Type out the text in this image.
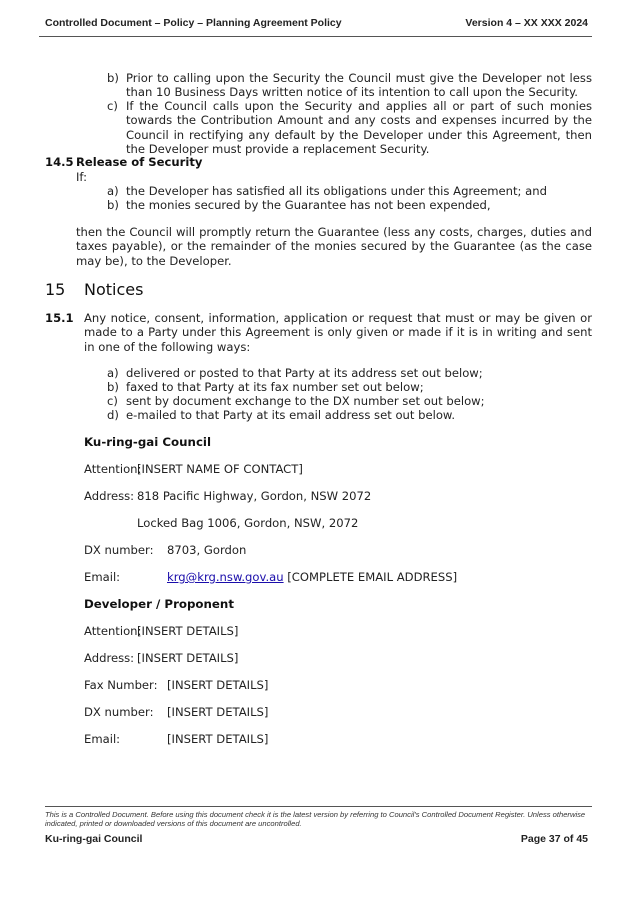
Controlled Document – Policy – Planning Agreement Policy	Version 4 – XX XXX 2024
b) Prior to calling upon the Security the Council must give the Developer not less than 10 Business Days written notice of its intention to call upon the Security.
c) If the Council calls upon the Security and applies all or part of such monies towards the Contribution Amount and any costs and expenses incurred by the Council in rectifying any default by the Developer under this Agreement, then the Developer must provide a replacement Security.
14.5 Release of Security
If:
a) the Developer has satisfied all its obligations under this Agreement; and
b) the monies secured by the Guarantee has not been expended,
then the Council will promptly return the Guarantee (less any costs, charges, duties and taxes payable), or the remainder of the monies secured by the Guarantee (as the case may be), to the Developer.
15 Notices
15.1 Any notice, consent, information, application or request that must or may be given or made to a Party under this Agreement is only given or made if it is in writing and sent in one of the following ways:
a) delivered or posted to that Party at its address set out below;
b) faxed to that Party at its fax number set out below;
c) sent by document exchange to the DX number set out below;
d) e-mailed to that Party at its email address set out below.
Ku-ring-gai Council
Attention:
[INSERT NAME OF CONTACT]
Address: 818 Pacific Highway, Gordon, NSW 2072
Locked Bag 1006, Gordon, NSW, 2072
DX number: 8703, Gordon
Email:	krg@krg.nsw.gov.au [COMPLETE EMAIL ADDRESS]
Developer / Proponent
Attention:
[INSERT DETAILS]
Address: [INSERT DETAILS]
Fax Number: [INSERT DETAILS]
DX number: [INSERT DETAILS]
Email:	[INSERT DETAILS]
This is a Controlled Document. Before using this document check it is the latest version by referring to Council's Controlled Document Register. Unless otherwise indicated, printed or downloaded versions of this document are uncontrolled.
Ku-ring-gai Council	Page 37 of 45
